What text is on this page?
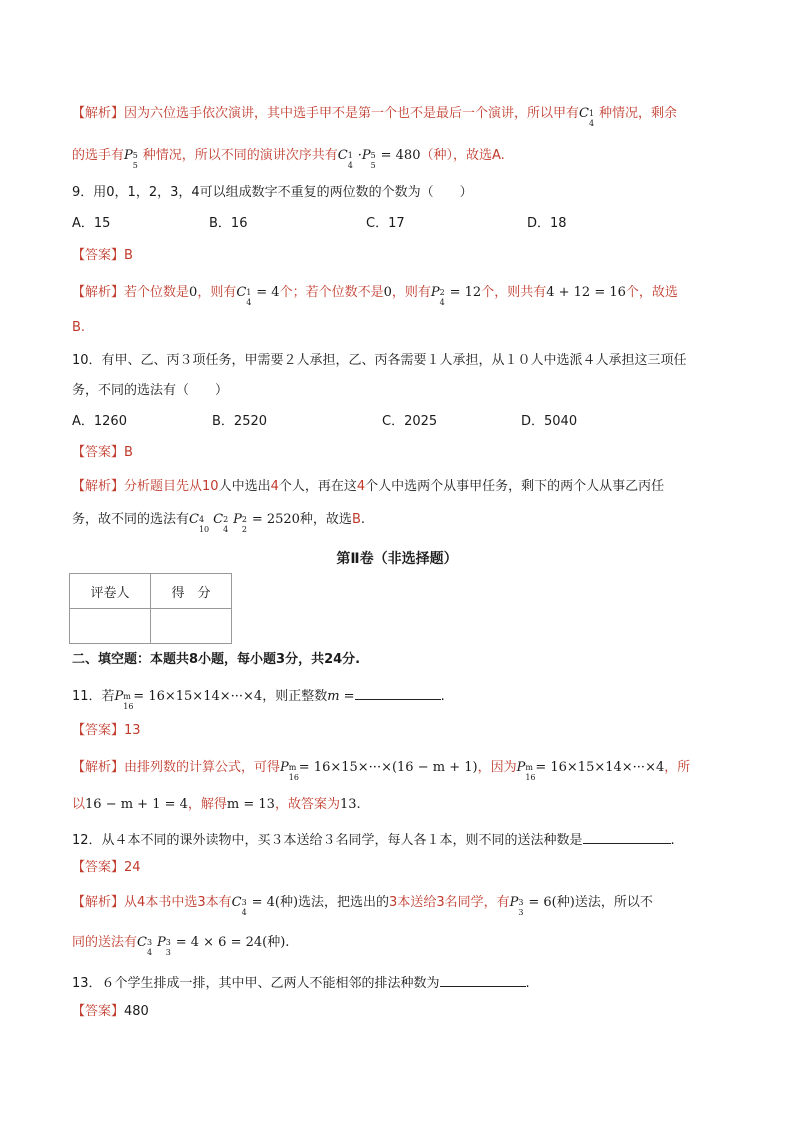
【解析】因为六位选手依次演讲，其中选手甲不是第一个也不是最后一个演讲，所以甲有C 1
4
种情况，剩余
的选手有P 5
5
种情况，所以不同的演讲次序共有C 1
4
·P 5
5
= 480（种），故选A.
9．用0，1，2，3，4可以组成数字不重复的两位数的个数为（　　）
A．15	B．16	C．17	D．18
【答案】B
【解析】若个位数是0，则有C 1
4
= 4个；若个位数不是0，则有P 2
4
= 12个，则共有4 + 12 = 16个，故选
B.
10．有甲、乙、丙３项任务，甲需要２人承担，乙、丙各需要１人承担，从１０人中选派４人承担这三项任
务，不同的选法有（　　）
A．1260	B．2520	C．2025	D．5040
【答案】B
【解析】分析题目先从10人中选出4个人，再在这4个人中选两个从事甲任务，剩下的两个人从事乙丙任
务，故不同的选法有C 4
10
C 2
4
P 2
2
= 2520种，故选B.
第Ⅱ卷（非选择题）
评卷人	得　分

二、填空题：本题共8小题，每小题3分，共24分.
11．若P m
16
= 16×15×14×···×4，则正整数m =	.
【答案】13
【解析】由排列数的计算公式，可得P m
16
= 16×15×···×(16 − m + 1)，因为P m
16
= 16×15×14×···×4，所
以16 − m + 1 = 4，解得m = 13，故答案为13.
12．从４本不同的课外读物中，买３本送给３名同学，每人各１本，则不同的送法种数是	.
【答案】24
【解析】从4本书中选3本有C 3
4
= 4(种)选法，把选出的3本送给3名同学，有P 3
3
= 6(种)送法，所以不
同的送法有C 3
4
P 3
3
= 4 × 6 = 24(种).
13．６个学生排成一排，其中甲、乙两人不能相邻的排法种数为	.
【答案】480
